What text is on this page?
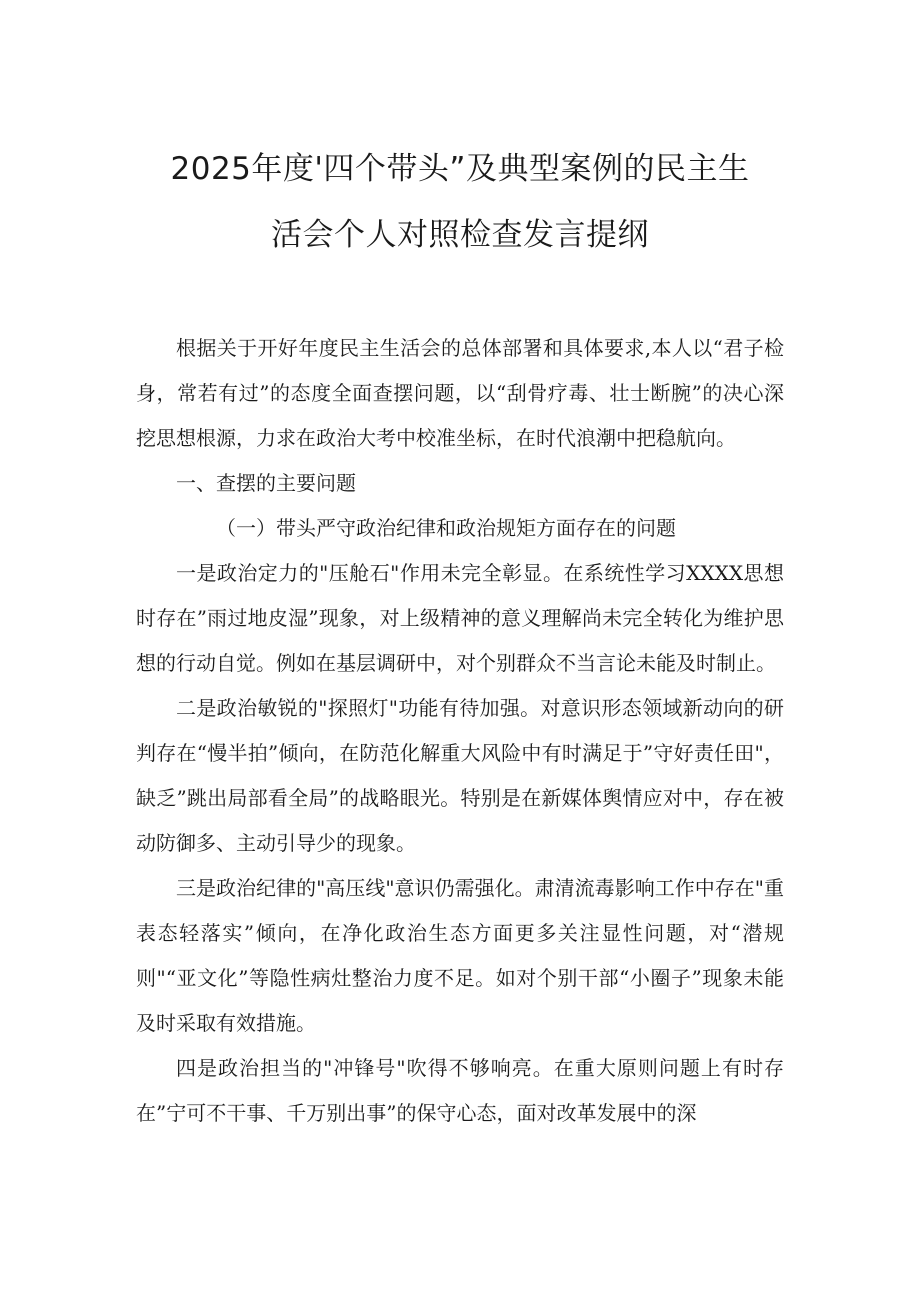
2025年度'四个带头”及典型案例的民主生
活会个人对照检查发言提纲

根据关于开好年度民主生活会的总体部署和具体要求,本人以“君子检身，常若有过”的态度全面查摆问题，以“刮骨疗毒、壮士断腕”的决心深挖思想根源，力求在政治大考中校准坐标，在时代浪潮中把稳航向。

一、查摆的主要问题

（一）带头严守政治纪律和政治规矩方面存在的问题

一是政治定力的"压舱石"作用未完全彰显。在系统性学习XXXX思想时存在”雨过地皮湿”现象，对上级精神的意义理解尚未完全转化为维护思想的行动自觉。例如在基层调研中，对个别群众不当言论未能及时制止。

二是政治敏锐的"探照灯"功能有待加强。对意识形态领域新动向的研判存在“慢半拍”倾向，在防范化解重大风险中有时满足于”守好责任田"，缺乏”跳出局部看全局”的战略眼光。特别是在新媒体舆情应对中，存在被动防御多、主动引导少的现象。

三是政治纪律的"高压线"意识仍需强化。肃清流毒影响工作中存在"重表态轻落实”倾向，在净化政治生态方面更多关注显性问题，对“潜规则"“亚文化”等隐性病灶整治力度不足。如对个别干部“小圈子”现象未能及时采取有效措施。

四是政治担当的"冲锋号"吹得不够响亮。在重大原则问题上有时存在”宁可不干事、千万别出事”的保守心态，面对改革发展中的深
